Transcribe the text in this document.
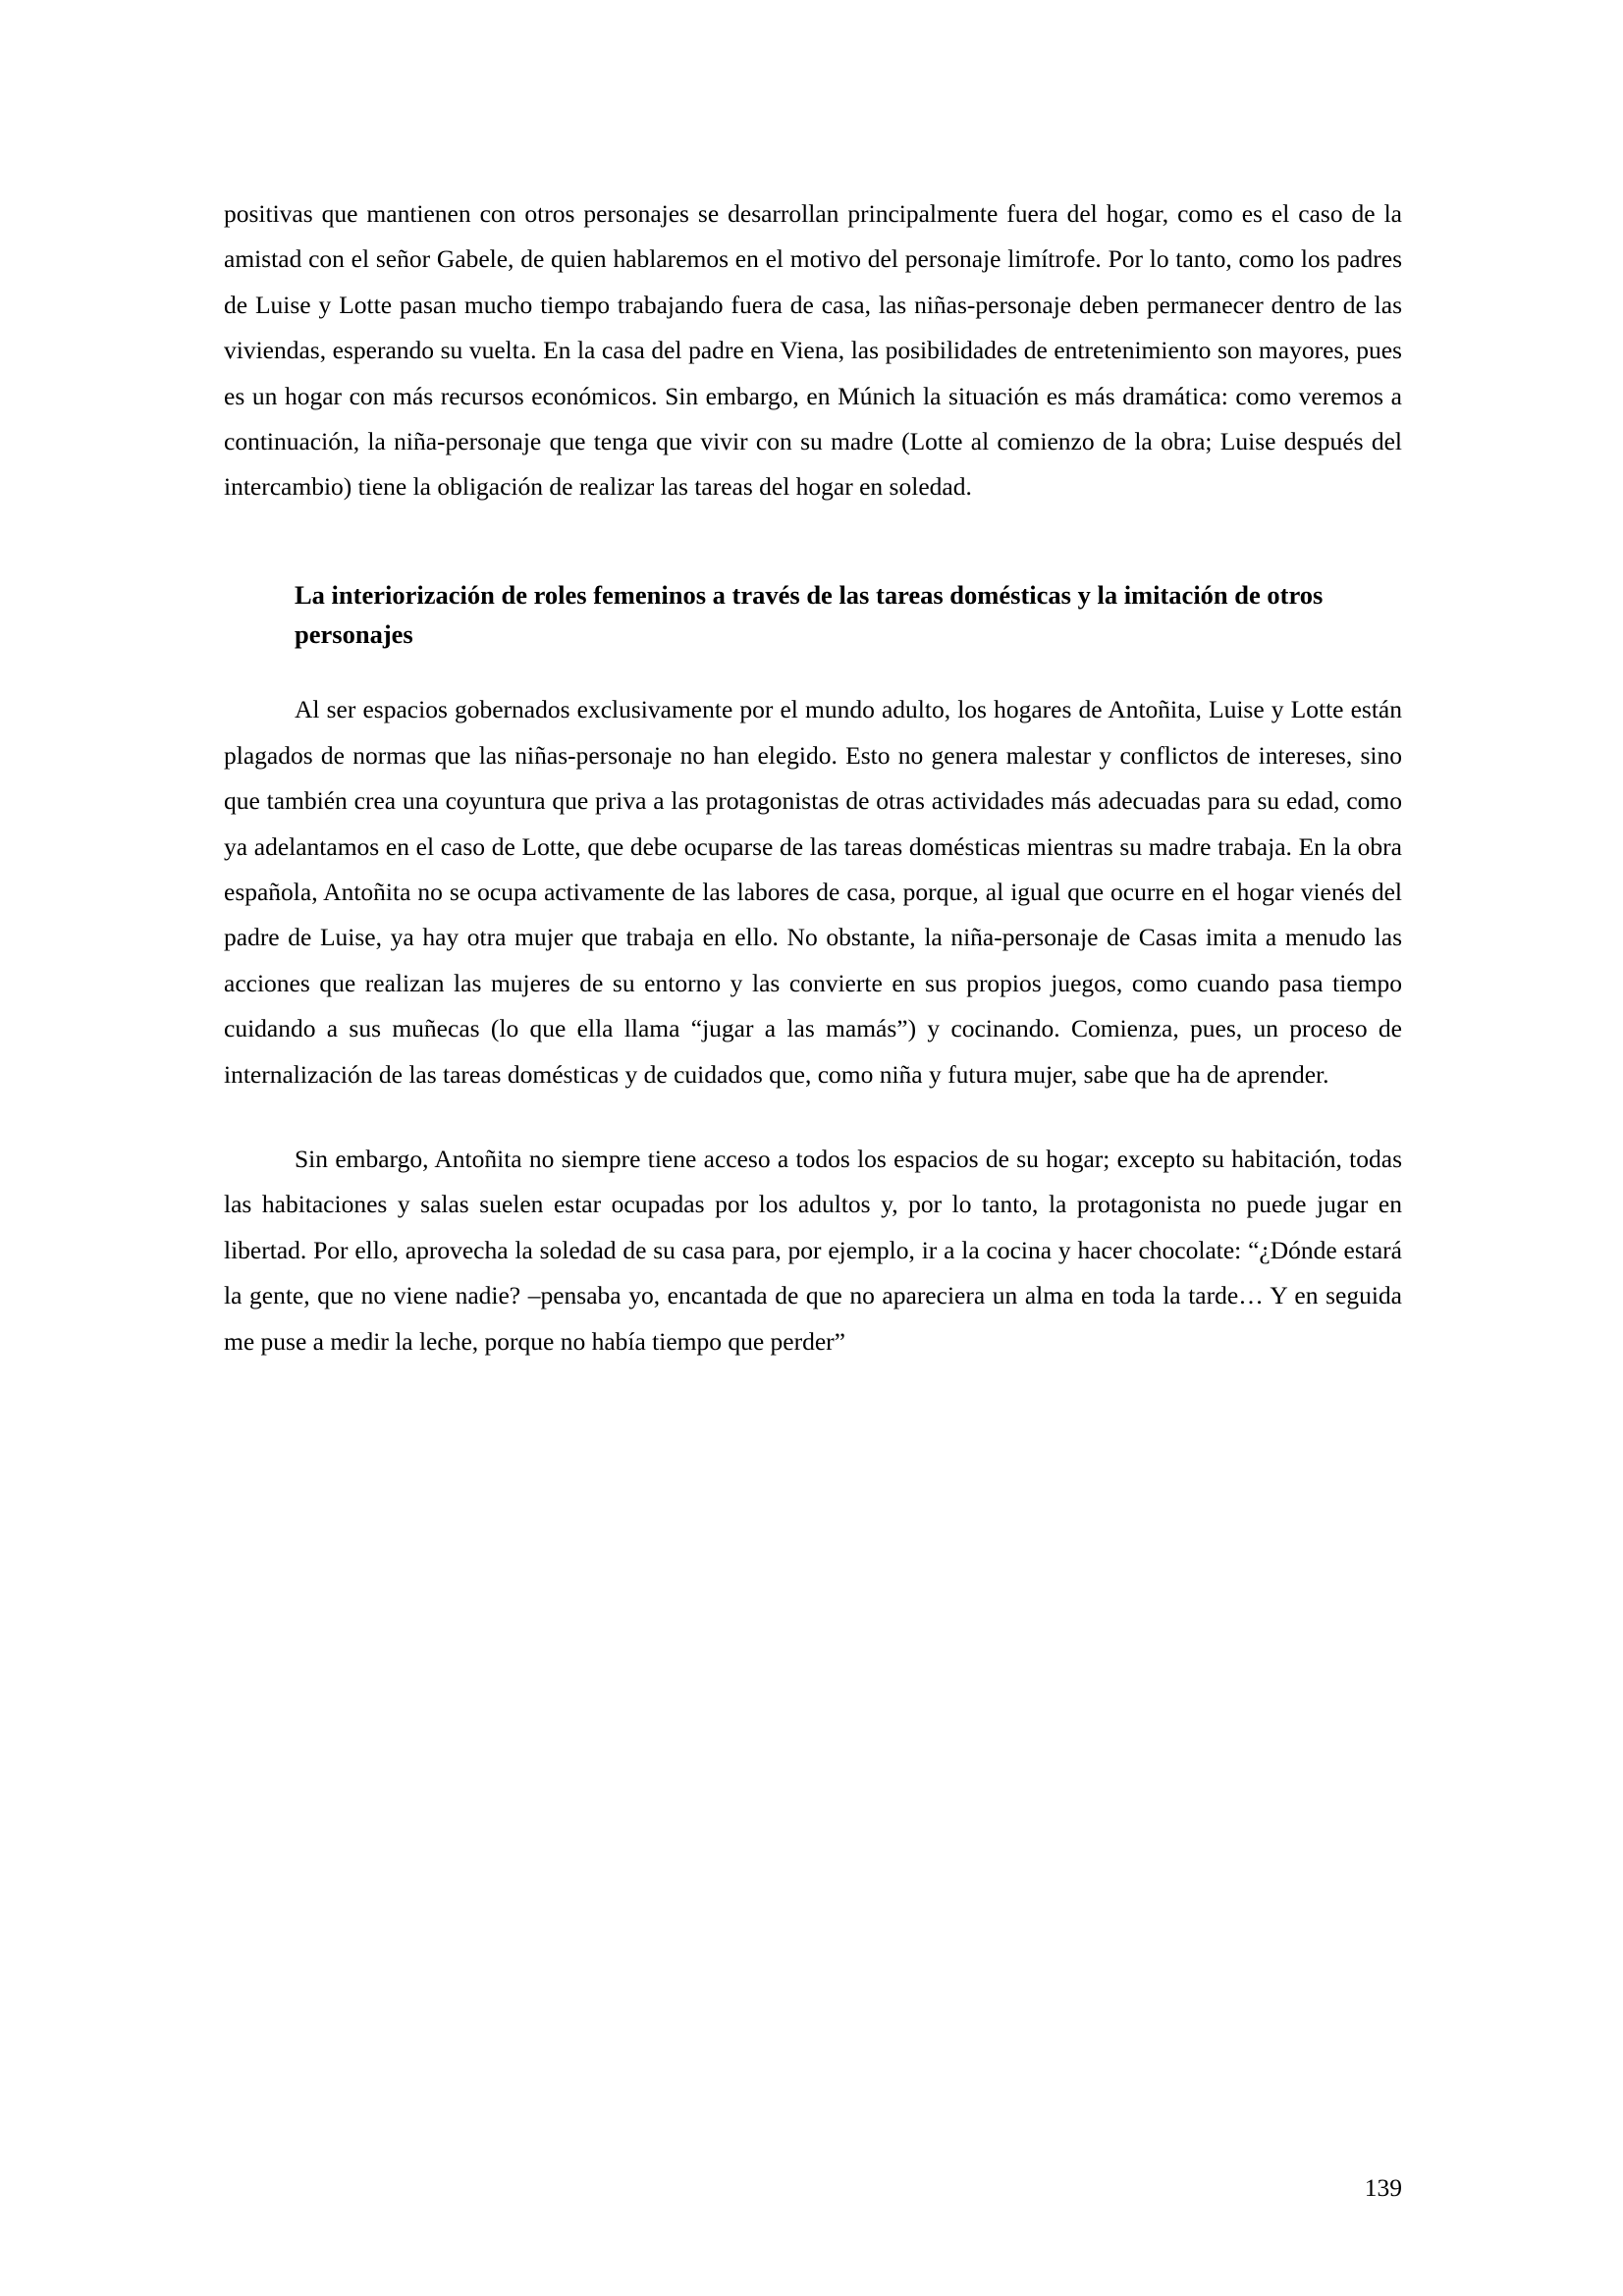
positivas que mantienen con otros personajes se desarrollan principalmente fuera del hogar, como es el caso de la amistad con el señor Gabele, de quien hablaremos en el motivo del personaje limítrofe. Por lo tanto, como los padres de Luise y Lotte pasan mucho tiempo trabajando fuera de casa, las niñas-personaje deben permanecer dentro de las viviendas, esperando su vuelta. En la casa del padre en Viena, las posibilidades de entretenimiento son mayores, pues es un hogar con más recursos económicos. Sin embargo, en Múnich la situación es más dramática: como veremos a continuación, la niña-personaje que tenga que vivir con su madre (Lotte al comienzo de la obra; Luise después del intercambio) tiene la obligación de realizar las tareas del hogar en soledad.

La interiorización de roles femeninos a través de las tareas domésticas y la imitación de otros personajes

Al ser espacios gobernados exclusivamente por el mundo adulto, los hogares de Antoñita, Luise y Lotte están plagados de normas que las niñas-personaje no han elegido. Esto no genera malestar y conflictos de intereses, sino que también crea una coyuntura que priva a las protagonistas de otras actividades más adecuadas para su edad, como ya adelantamos en el caso de Lotte, que debe ocuparse de las tareas domésticas mientras su madre trabaja. En la obra española, Antoñita no se ocupa activamente de las labores de casa, porque, al igual que ocurre en el hogar vienés del padre de Luise, ya hay otra mujer que trabaja en ello. No obstante, la niña-personaje de Casas imita a menudo las acciones que realizan las mujeres de su entorno y las convierte en sus propios juegos, como cuando pasa tiempo cuidando a sus muñecas (lo que ella llama “jugar a las mamás”) y cocinando. Comienza, pues, un proceso de internalización de las tareas domésticas y de cuidados que, como niña y futura mujer, sabe que ha de aprender.

Sin embargo, Antoñita no siempre tiene acceso a todos los espacios de su hogar; excepto su habitación, todas las habitaciones y salas suelen estar ocupadas por los adultos y, por lo tanto, la protagonista no puede jugar en libertad. Por ello, aprovecha la soledad de su casa para, por ejemplo, ir a la cocina y hacer chocolate: “¿Dónde estará la gente, que no viene nadie? –pensaba yo, encantada de que no apareciera un alma en toda la tarde… Y en seguida me puse a medir la leche, porque no había tiempo que perder”

139
